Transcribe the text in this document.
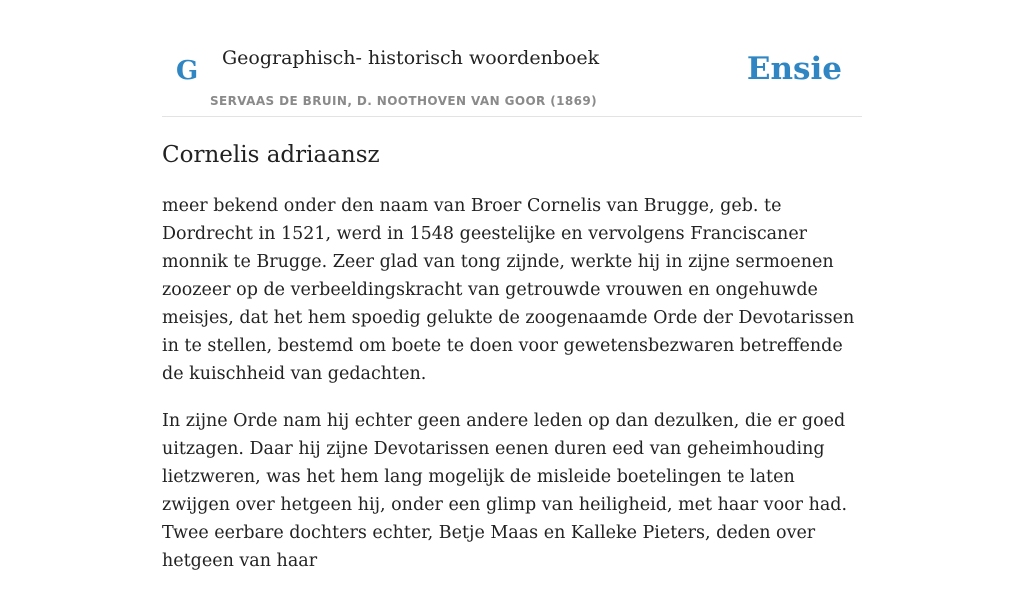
G Geographisch- historisch woordenboek
SERVAAS DE BRUIN, D. NOOTHOVEN VAN GOOR (1869)
Ensie
Cornelis adriaansz

meer bekend onder den naam van Broer Cornelis van Brugge, geb. te Dordrecht in 1521, werd in 1548 geestelijke en vervolgens Franciscaner monnik te Brugge. Zeer glad van tong zijnde, werkte hij in zijne sermoenen zoozeer op de verbeeldingskracht van getrouwde vrouwen en ongehuwde meisjes, dat het hem spoedig gelukte de zoogenaamde Orde der Devotarissen in te stellen, bestemd om boete te doen voor gewetensbezwaren betreffende de kuischheid van gedachten.

In zijne Orde nam hij echter geen andere leden op dan dezulken, die er goed uitzagen. Daar hij zijne Devotarissen eenen duren eed van geheimhouding lietzweren, was het hem lang mogelijk de misleide boetelingen te laten zwijgen over hetgeen hij, onder een glimp van heiligheid, met haar voor had. Twee eerbare dochters echter, Betje Maas en Kalleke Pieters, deden over hetgeen van haar
